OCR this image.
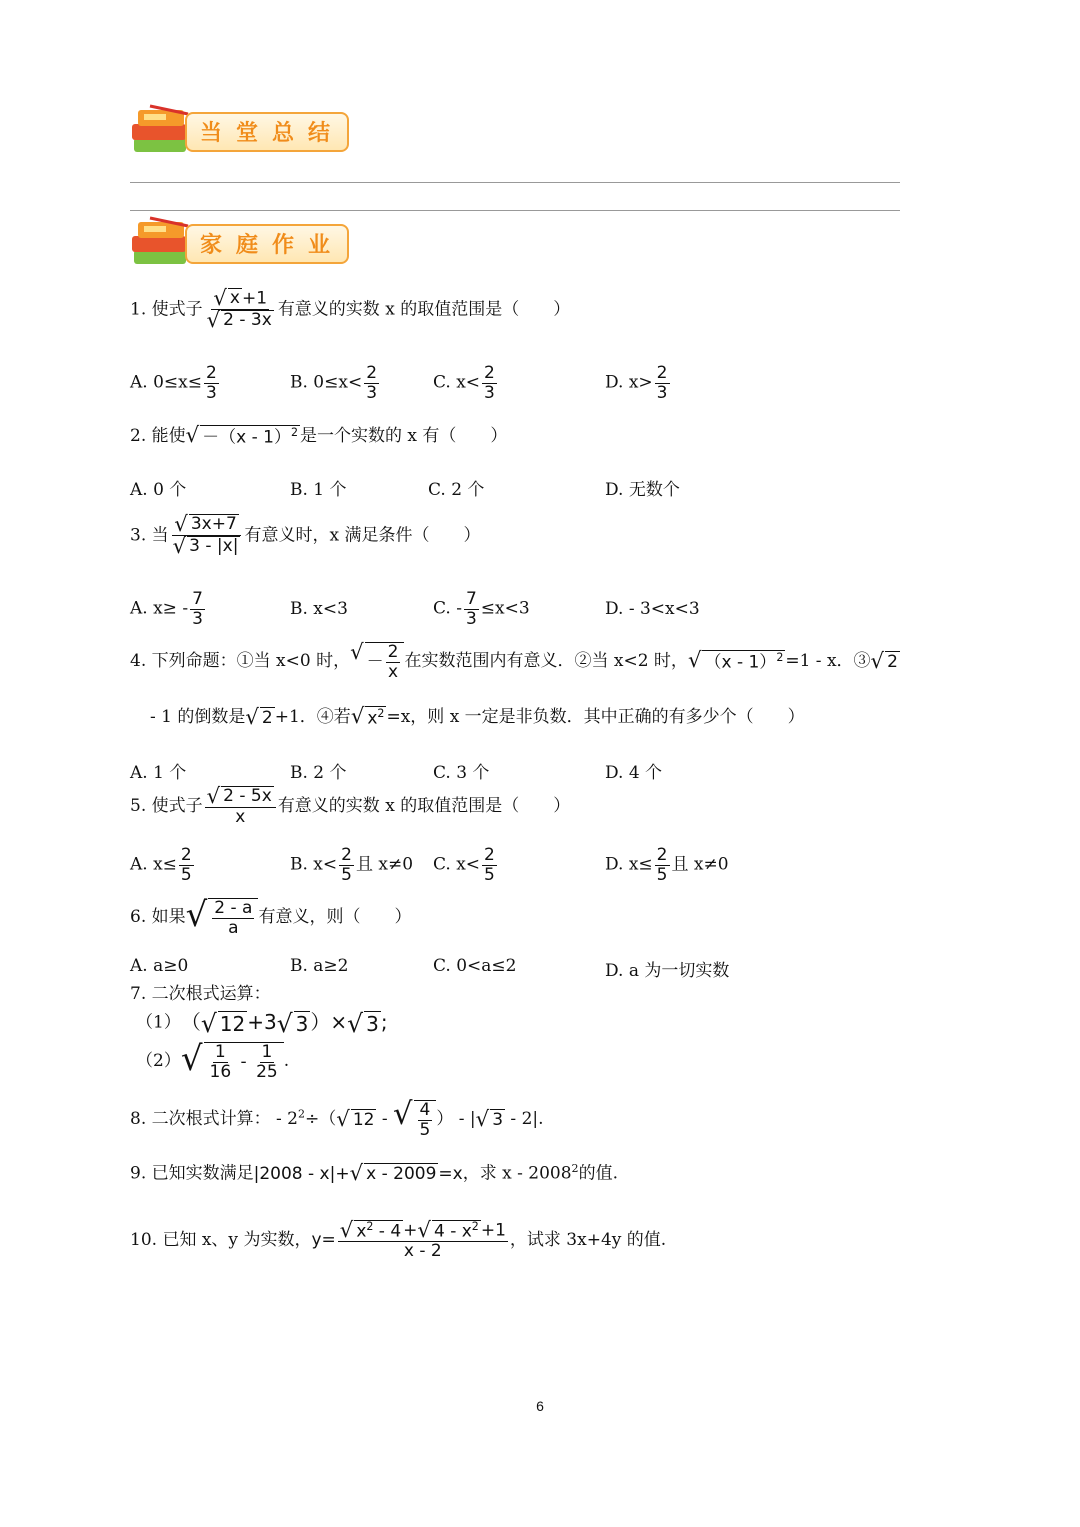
当堂总结
家庭作业
1. 使式子 $\frac{√ x +1}{√ 2 - 3x}$ 有意义的实数 x 的取值范围是（　　）
A. $0\le x\le \frac{2}{3}$	B. $0\le x< \frac{2}{3}$	C. $x< \frac{2}{3}$	D. $x> \frac{2}{3}$
2. 能使 √ －（x - 1）$^2$ 是一个实数的 x 有（　　）
A. 0 个	B. 1 个	C. 2 个	D. 无数个
3. 当 $\frac{√ 3x+7}{√ 3 - |x|}$ 有意义时，x 满足条件（　　）
A. $x\ge - \frac{7}{3}$	B. x<3	C. - $\frac{7}{3} \le x<3$	D. - 3<x<3
4. 下列命题：①当 x<0 时， √ － $\frac{2}{x}$ 在实数范围内有意义．②当 x<2 时， √ （x - 1）$^2$ =1 - x．③ √ 2
- 1 的倒数是 √ 2 +1．④若 √ $x^2 =x$，则 x 一定是非负数．其中正确的有多少个（　　）
A. 1 个	B. 2 个	C. 3 个	D. 4 个
5. 使式子 $\frac{√ 2 - 5x}{x}$ 有意义的实数 x 的取值范围是（　　）
A. $x\le \frac{2}{5}$	B. $x< \frac{2}{5}$ 且 x≠0 C. $x< \frac{2}{5}$	D. $x\le \frac{2}{5}$ 且 x≠0
6. 如果 √ $\frac{2 - a}{a}$ 有意义，则（　　）
A. a≥0	B. a≥2	C. 0<a≤2	D. a 为一切实数
7. 二次根式运算：
（1）（ √ 12 +3 √ 3 ）× √ 3 ;
（2） √ $\frac{1}{16} - \frac{1}{25}$ .
8. 二次根式计算： - $2^2\div$（ √ 12 - √ $\frac{4}{5}$ ） - | √ 3 - 2|.
9. 已知实数满足|2008 - x|+ √ x - 2009 =x，求 x - 2008$^2$的值.
10. 已知 x、y 为实数，$y= \frac{√ x^2 - 4 + √ 4 - x^2 +1}{x - 2}$ ，试求 3x+4y 的值.
6
